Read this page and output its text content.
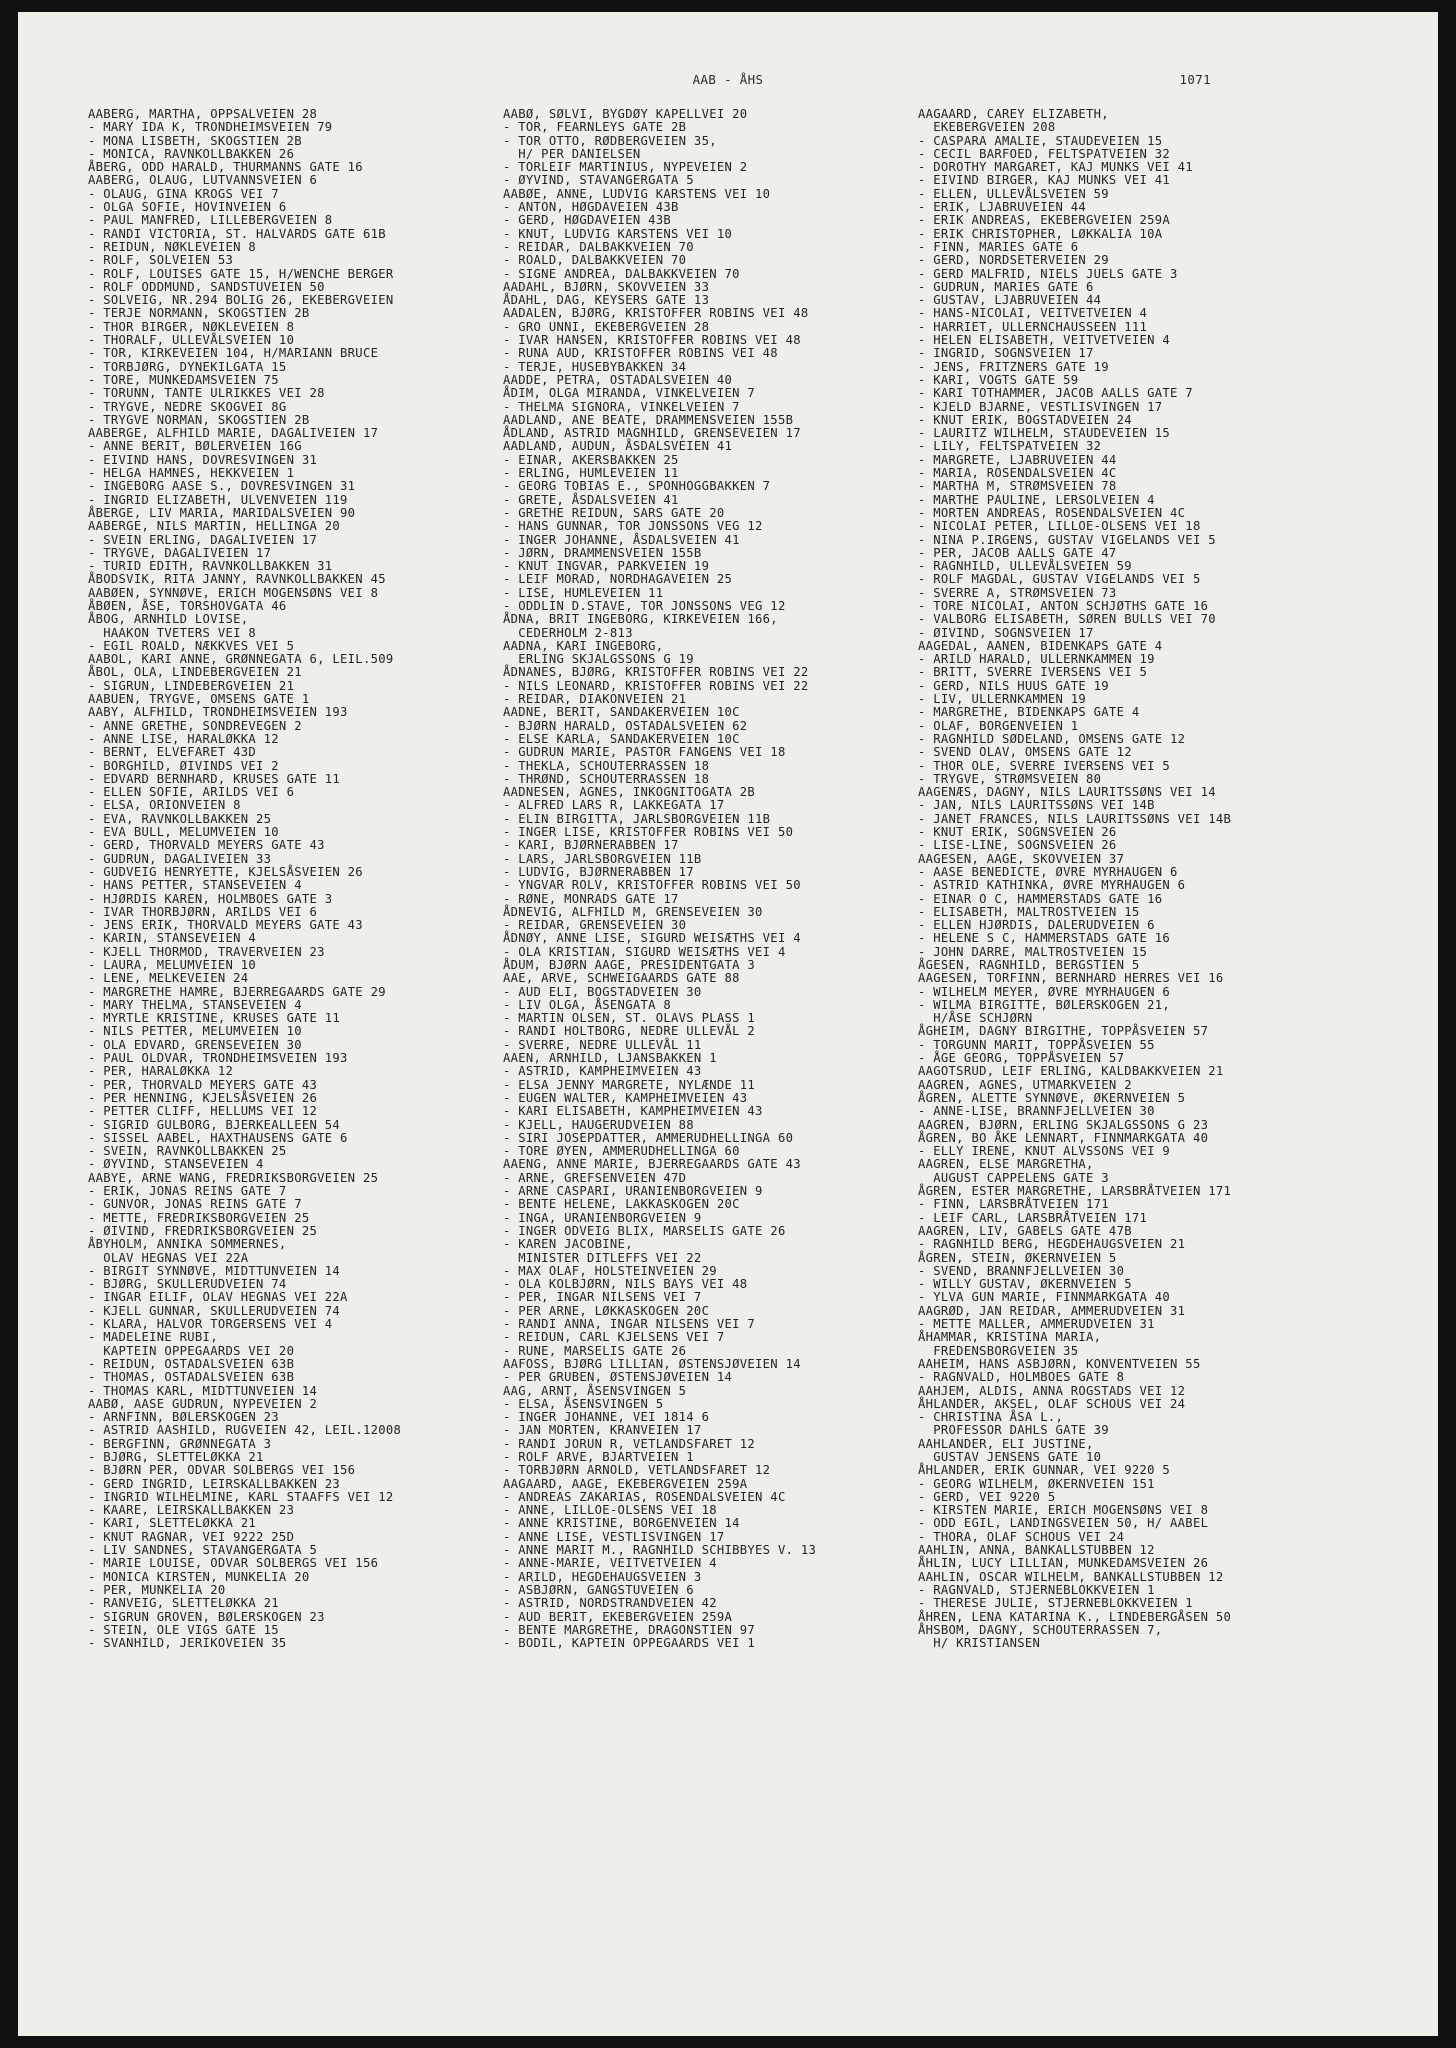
AAB - ÅHS	1071
AABERG, MARTHA, OPPSALVEIEN 28
- MARY IDA K, TRONDHEIMSVEIEN 79
- MONA LISBETH, SKOGSTIEN 2B
- MONICA, RAVNKOLLBAKKEN 26
ÅBERG, ODD HARALD, THURMANNS GATE 16
AABERG, OLAUG, LUTVANNSVEIEN 6
- OLAUG, GINA KROGS VEI 7
- OLGA SOFIE, HOVINVEIEN 6
- PAUL MANFRED, LILLEBERGVEIEN 8
- RANDI VICTORIA, ST. HALVARDS GATE 61B
- REIDUN, NØKLEVEIEN 8
- ROLF, SOLVEIEN 53
- ROLF, LOUISES GATE 15, H/WENCHE BERGER
- ROLF ODDMUND, SANDSTUVEIEN 50
- SOLVEIG, NR.294 BOLIG 26, EKEBERGVEIEN
- TERJE NORMANN, SKOGSTIEN 2B
- THOR BIRGER, NØKLEVEIEN 8
- THORALF, ULLEVÅLSVEIEN 10
- TOR, KIRKEVEIEN 104, H/MARIANN BRUCE
- TORBJØRG, DYNEKILGATA 15
- TORE, MUNKEDAMSVEIEN 75
- TORUNN, TANTE ULRIKKES VEI 28
- TRYGVE, NEDRE SKOGVEI 8G
- TRYGVE NORMAN, SKOGSTIEN 2B
AABERGE, ALFHILD MARIE, DAGALIVEIEN 17
- ANNE BERIT, BØLERVEIEN 16G
- EIVIND HANS, DOVRESVINGEN 31
- HELGA HAMNES, HEKKVEIEN 1
- INGEBORG AASE S., DOVRESVINGEN 31
- INGRID ELIZABETH, ULVENVEIEN 119
ÅBERGE, LIV MARIA, MARIDALSVEIEN 90
AABERGE, NILS MARTIN, HELLINGA 20
- SVEIN ERLING, DAGALIVEIEN 17
- TRYGVE, DAGALIVEIEN 17
- TURID EDITH, RAVNKOLLBAKKEN 31
ÅBODSVIK, RITA JANNY, RAVNKOLLBAKKEN 45
AABØEN, SYNNØVE, ERICH MOGENSØNS VEI 8
ÅBØEN, ÅSE, TORSHOVGATA 46
ÅBOG, ARNHILD LOVISE,
HAAKON TVETERS VEI 8
- EGIL ROALD, NÆKKVES VEI 5
AABOL, KARI ANNE, GRØNNEGATA 6, LEIL.509
ÅBOL, OLA, LINDEBERGVEIEN 21
- SIGRUN, LINDEBERGVEIEN 21
AABUEN, TRYGVE, OMSENS GATE 1
AABY, ALFHILD, TRONDHEIMSVEIEN 193
- ANNE GRETHE, SONDREVEGEN 2
- ANNE LISE, HARALØKKA 12
- BERNT, ELVEFARET 43D
- BORGHILD, ØIVINDS VEI 2
- EDVARD BERNHARD, KRUSES GATE 11
- ELLEN SOFIE, ARILDS VEI 6
- ELSA, ORIONVEIEN 8
- EVA, RAVNKOLLBAKKEN 25
- EVA BULL, MELUMVEIEN 10
- GERD, THORVALD MEYERS GATE 43
- GUDRUN, DAGALIVEIEN 33
- GUDVEIG HENRYETTE, KJELSÅSVEIEN 26
- HANS PETTER, STANSEVEIEN 4
- HJØRDIS KAREN, HOLMBOES GATE 3
- IVAR THORBJØRN, ARILDS VEI 6
- JENS ERIK, THORVALD MEYERS GATE 43
- KARIN, STANSEVEIEN 4
- KJELL THORMOD, TRAVERVEIEN 23
- LAURA, MELUMVEIEN 10
- LENE, MELKEVEIEN 24
- MARGRETHE HAMRE, BJERREGAARDS GATE 29
- MARY THELMA, STANSEVEIEN 4
- MYRTLE KRISTINE, KRUSES GATE 11
- NILS PETTER, MELUMVEIEN 10
- OLA EDVARD, GRENSEVEIEN 30
- PAUL OLDVAR, TRONDHEIMSVEIEN 193
- PER, HARALØKKA 12
- PER, THORVALD MEYERS GATE 43
- PER HENNING, KJELSÅSVEIEN 26
- PETTER CLIFF, HELLUMS VEI 12
- SIGRID GULBORG, BJERKEALLEEN 54
- SISSEL AABEL, HAXTHAUSENS GATE 6
- SVEIN, RAVNKOLLBAKKEN 25
- ØYVIND, STANSEVEIEN 4
AABYE, ARNE WANG, FREDRIKSBORGVEIEN 25
- ERIK, JONAS REINS GATE 7
- GUNVOR, JONAS REINS GATE 7
- METTE, FREDRIKSBORGVEIEN 25
- ØIVIND, FREDRIKSBORGVEIEN 25
ÅBYHOLM, ANNIKA SOMMERNES,
OLAV HEGNAS VEI 22A
- BIRGIT SYNNØVE, MIDTTUNVEIEN 14
- BJØRG, SKULLERUDVEIEN 74
- INGAR EILIF, OLAV HEGNAS VEI 22A
- KJELL GUNNAR, SKULLERUDVEIEN 74
- KLARA, HALVOR TORGERSENS VEI 4
- MADELEINE RUBI,
KAPTEIN OPPEGAARDS VEI 20
- REIDUN, OSTADALSVEIEN 63B
- THOMAS, OSTADALSVEIEN 63B
- THOMAS KARL, MIDTTUNVEIEN 14
AABØ, AASE GUDRUN, NYPEVEIEN 2
- ARNFINN, BØLERSKOGEN 23
- ASTRID AASHILD, RUGVEIEN 42, LEIL.12008
- BERGFINN, GRØNNEGATA 3
- BJØRG, SLETTELØKKA 21
- BJØRN PER, ODVAR SOLBERGS VEI 156
- GERD INGRID, LEIRSKALLBAKKEN 23
- INGRID WILHELMINE, KARL STAAFFS VEI 12
- KAARE, LEIRSKALLBAKKEN 23
- KARI, SLETTELØKKA 21
- KNUT RAGNAR, VEI 9222 25D
- LIV SANDNES, STAVANGERGATA 5
- MARIE LOUISE, ODVAR SOLBERGS VEI 156
- MONICA KIRSTEN, MUNKELIA 20
- PER, MUNKELIA 20
- RANVEIG, SLETTELØKKA 21
- SIGRUN GROVEN, BØLERSKOGEN 23
- STEIN, OLE VIGS GATE 15
- SVANHILD, JERIKOVEIEN 35
AABØ, SØLVI, BYGDØY KAPELLVEI 20
- TOR, FEARNLEYS GATE 2B
- TOR OTTO, RØDBERGVEIEN 35,
H/ PER DANIELSEN
- TORLEIF MARTINIUS, NYPEVEIEN 2
- ØYVIND, STAVANGERGATA 5
AABØE, ANNE, LUDVIG KARSTENS VEI 10
- ANTON, HØGDAVEIEN 43B
- GERD, HØGDAVEIEN 43B
- KNUT, LUDVIG KARSTENS VEI 10
- REIDAR, DALBAKKVEIEN 70
- ROALD, DALBAKKVEIEN 70
- SIGNE ANDREA, DALBAKKVEIEN 70
AADAHL, BJØRN, SKOVVEIEN 33
ÅDAHL, DAG, KEYSERS GATE 13
AADALEN, BJØRG, KRISTOFFER ROBINS VEI 48
- GRO UNNI, EKEBERGVEIEN 28
- IVAR HANSEN, KRISTOFFER ROBINS VEI 48
- RUNA AUD, KRISTOFFER ROBINS VEI 48
- TERJE, HUSEBYBAKKEN 34
AADDE, PETRA, OSTADALSVEIEN 40
ÅDIM, OLGA MIRANDA, VINKELVEIEN 7
- THELMA SIGNORA, VINKELVEIEN 7
AADLAND, ANE BEATE, DRAMMENSVEIEN 155B
ÅDLAND, ASTRID MAGNHILD, GRENSEVEIEN 17
AADLAND, AUDUN, ÅSDALSVEIEN 41
- EINAR, AKERSBAKKEN 25
- ERLING, HUMLEVEIEN 11
- GEORG TOBIAS E., SPONHOGGBAKKEN 7
- GRETE, ÅSDALSVEIEN 41
- GRETHE REIDUN, SARS GATE 20
- HANS GUNNAR, TOR JONSSONS VEG 12
- INGER JOHANNE, ÅSDALSVEIEN 41
- JØRN, DRAMMENSVEIEN 155B
- KNUT INGVAR, PARKVEIEN 19
- LEIF MORAD, NORDHAGAVEIEN 25
- LISE, HUMLEVEIEN 11
- ODDLIN D.STAVE, TOR JONSSONS VEG 12
ÅDNA, BRIT INGEBORG, KIRKEVEIEN 166,
CEDERHOLM 2-813
AADNA, KARI INGEBORG,
ERLING SKJALGSSONS G 19
ÅDNANES, BJØRG, KRISTOFFER ROBINS VEI 22
- NILS LEONARD, KRISTOFFER ROBINS VEI 22
- REIDAR, DIAKONVEIEN 21
AADNE, BERIT, SANDAKERVEIEN 10C
- BJØRN HARALD, OSTADALSVEIEN 62
- ELSE KARLA, SANDAKERVEIEN 10C
- GUDRUN MARIE, PASTOR FANGENS VEI 18
- THEKLA, SCHOUTERRASSEN 18
- THRØND, SCHOUTERRASSEN 18
AADNESEN, AGNES, INKOGNITOGATA 2B
- ALFRED LARS R, LAKKEGATA 17
- ELIN BIRGITTA, JARLSBORGVEIEN 11B
- INGER LISE, KRISTOFFER ROBINS VEI 50
- KARI, BJØRNERABBEN 17
- LARS, JARLSBORGVEIEN 11B
- LUDVIG, BJØRNERABBEN 17
- YNGVAR ROLV, KRISTOFFER ROBINS VEI 50
- RØNE, MONRADS GATE 17
ÅDNEVIG, ALFHILD M, GRENSEVEIEN 30
- REIDAR, GRENSEVEIEN 30
ÅDNØY, ANNE LISE, SIGURD WEISÆTHS VEI 4
- OLA KRISTIAN, SIGURD WEISÆTHS VEI 4
ÅDUM, BJØRN AAGE, PRESIDENTGATA 3
AAE, ARVE, SCHWEIGAARDS GATE 88
- AUD ELI, BOGSTADVEIEN 30
- LIV OLGA, ÅSENGATA 8
- MARTIN OLSEN, ST. OLAVS PLASS 1
- RANDI HOLTBORG, NEDRE ULLEVÅL 2
- SVERRE, NEDRE ULLEVÅL 11
AAEN, ARNHILD, LJANSBAKKEN 1
- ASTRID, KAMPHEIMVEIEN 43
- ELSA JENNY MARGRETE, NYLÆNDE 11
- EUGEN WALTER, KAMPHEIMVEIEN 43
- KARI ELISABETH, KAMPHEIMVEIEN 43
- KJELL, HAUGERUDVEIEN 88
- SIRI JOSEPDATTER, AMMERUDHELLINGA 60
- TORE ØYEN, AMMERUDHELLINGA 60
AAENG, ANNE MARIE, BJERREGAARDS GATE 43
- ARNE, GREFSENVEIEN 47D
- ARNE CASPARI, URANIENBORGVEIEN 9
- BENTE HELENE, LAKKASKOGEN 20C
- INGA, URANIENBORGVEIEN 9
- INGER ODVEIG BLIX, MARSELIS GATE 26
- KAREN JACOBINE,
MINISTER DITLEFFS VEI 22
- MAX OLAF, HOLSTEINVEIEN 29
- OLA KOLBJØRN, NILS BAYS VEI 48
- PER, INGAR NILSENS VEI 7
- PER ARNE, LØKKASKOGEN 20C
- RANDI ANNA, INGAR NILSENS VEI 7
- REIDUN, CARL KJELSENS VEI 7
- RUNE, MARSELIS GATE 26
AAFOSS, BJØRG LILLIAN, ØSTENSJØVEIEN 14
- PER GRUBEN, ØSTENSJØVEIEN 14
AAG, ARNT, ÅSENSVINGEN 5
- ELSA, ÅSENSVINGEN 5
- INGER JOHANNE, VEI 1814 6
- JAN MORTEN, KRANVEIEN 17
- RANDI JORUN R, VETLANDSFARET 12
- ROLF ARVE, BJARTVEIEN 1
- TORBJØRN ARNOLD, VETLANDSFARET 12
AAGAARD, AAGE, EKEBERGVEIEN 259A
- ANDREAS ZAKARIAS, ROSENDALSVEIEN 4C
- ANNE, LILLOE-OLSENS VEI 18
- ANNE KRISTINE, BORGENVEIEN 14
- ANNE LISE, VESTLISVINGEN 17
- ANNE MARIT M., RAGNHILD SCHIBBYES V. 13
- ANNE-MARIE, VEITVETVEIEN 4
- ARILD, HEGDEHAUGSVEIEN 3
- ASBJØRN, GANGSTUVEIEN 6
- ASTRID, NORDSTRANDVEIEN 42
- AUD BERIT, EKEBERGVEIEN 259A
- BENTE MARGRETHE, DRAGONSTIEN 97
- BODIL, KAPTEIN OPPEGAARDS VEI 1
AAGAARD, CAREY ELIZABETH,
EKEBERGVEIEN 208
- CASPARA AMALIE, STAUDEVEIEN 15
- CECIL BARFOED, FELTSPATVEIEN 32
- DOROTHY MARGARET, KAJ MUNKS VEI 41
- EIVIND BIRGER, KAJ MUNKS VEI 41
- ELLEN, ULLEVÅLSVEIEN 59
- ERIK, LJABRUVEIEN 44
- ERIK ANDREAS, EKEBERGVEIEN 259A
- ERIK CHRISTOPHER, LØKKALIA 10A
- FINN, MARIES GATE 6
- GERD, NORDSETERVEIEN 29
- GERD MALFRID, NIELS JUELS GATE 3
- GUDRUN, MARIES GATE 6
- GUSTAV, LJABRUVEIEN 44
- HANS-NICOLAI, VEITVETVEIEN 4
- HARRIET, ULLERNCHAUSSEEN 111
- HELEN ELISABETH, VEITVETVEIEN 4
- INGRID, SOGNSVEIEN 17
- JENS, FRITZNERS GATE 19
- KARI, VOGTS GATE 59
- KARI TOTHAMMER, JACOB AALLS GATE 7
- KJELD BJARNE, VESTLISVINGEN 17
- KNUT ERIK, BOGSTADVEIEN 24
- LAURITZ WILHELM, STAUDEVEIEN 15
- LILY, FELTSPATVEIEN 32
- MARGRETE, LJABRUVEIEN 44
- MARIA, ROSENDALSVEIEN 4C
- MARTHA M, STRØMSVEIEN 78
- MARTHE PAULINE, LERSOLVEIEN 4
- MORTEN ANDREAS, ROSENDALSVEIEN 4C
- NICOLAI PETER, LILLOE-OLSENS VEI 18
- NINA P.IRGENS, GUSTAV VIGELANDS VEI 5
- PER, JACOB AALLS GATE 47
- RAGNHILD, ULLEVÅLSVEIEN 59
- ROLF MAGDAL, GUSTAV VIGELANDS VEI 5
- SVERRE A, STRØMSVEIEN 73
- TORE NICOLAI, ANTON SCHJØTHS GATE 16
- VALBORG ELISABETH, SØREN BULLS VEI 70
- ØIVIND, SOGNSVEIEN 17
AAGEDAL, AANEN, BIDENKAPS GATE 4
- ARILD HARALD, ULLERNKAMMEN 19
- BRITT, SVERRE IVERSENS VEI 5
- GERD, NILS HUUS GATE 19
- LIV, ULLERNKAMMEN 19
- MARGRETHE, BIDENKAPS GATE 4
- OLAF, BORGENVEIEN 1
- RAGNHILD SØDELAND, OMSENS GATE 12
- SVEND OLAV, OMSENS GATE 12
- THOR OLE, SVERRE IVERSENS VEI 5
- TRYGVE, STRØMSVEIEN 80
AAGENÆS, DAGNY, NILS LAURITSSØNS VEI 14
- JAN, NILS LAURITSSØNS VEI 14B
- JANET FRANCES, NILS LAURITSSØNS VEI 14B
- KNUT ERIK, SOGNSVEIEN 26
- LISE-LINE, SOGNSVEIEN 26
AAGESEN, AAGE, SKOVVEIEN 37
- AASE BENEDICTE, ØVRE MYRHAUGEN 6
- ASTRID KATHINKA, ØVRE MYRHAUGEN 6
- EINAR O C, HAMMERSTADS GATE 16
- ELISABETH, MALTROSTVEIEN 15
- ELLEN HJØRDIS, DALERUDVEIEN 6
- HELENE S C, HAMMERSTADS GATE 16
- JOHN DARRE, MALTROSTVEIEN 15
ÅGESEN, RAGNHILD, BERGSTIEN 5
AAGESEN, TORFINN, BERNHARD HERRES VEI 16
- WILHELM MEYER, ØVRE MYRHAUGEN 6
- WILMA BIRGITTE, BØLERSKOGEN 21,
H/ÅSE SCHJØRN
ÅGHEIM, DAGNY BIRGITHE, TOPPÅSVEIEN 57
- TORGUNN MARIT, TOPPÅSVEIEN 55
- ÅGE GEORG, TOPPÅSVEIEN 57
AAGOTSRUD, LEIF ERLING, KALDBAKKVEIEN 21
AAGREN, AGNES, UTMARKVEIEN 2
ÅGREN, ALETTE SYNNØVE, ØKERNVEIEN 5
- ANNE-LISE, BRANNFJELLVEIEN 30
AAGREN, BJØRN, ERLING SKJALGSSONS G 23
ÅGREN, BO ÅKE LENNART, FINNMARKGATA 40
- ELLY IRENE, KNUT ALVSSONS VEI 9
AAGREN, ELSE MARGRETHA,
AUGUST CAPPELENS GATE 3
ÅGREN, ESTER MARGRETHE, LARSBRÅTVEIEN 171
- FINN, LARSBRÅTVEIEN 171
- LEIF CARL, LARSBRÅTVEIEN 171
AAGREN, LIV, GABELS GATE 47B
- RAGNHILD BERG, HEGDEHAUGSVEIEN 21
ÅGREN, STEIN, ØKERNVEIEN 5
- SVEND, BRANNFJELLVEIEN 30
- WILLY GUSTAV, ØKERNVEIEN 5
- YLVA GUN MARIE, FINNMARKGATA 40
AAGRØD, JAN REIDAR, AMMERUDVEIEN 31
- METTE MALLER, AMMERUDVEIEN 31
ÅHAMMAR, KRISTINA MARIA,
FREDENSBORGVEIEN 35
AAHEIM, HANS ASBJØRN, KONVENTVEIEN 55
- RAGNVALD, HOLMBOES GATE 8
AAHJEM, ALDIS, ANNA ROGSTADS VEI 12
ÅHLANDER, AKSEL, OLAF SCHOUS VEI 24
- CHRISTINA ÅSA L.,
PROFESSOR DAHLS GATE 39
AAHLANDER, ELI JUSTINE,
GUSTAV JENSENS GATE 10
ÅHLANDER, ERIK GUNNAR, VEI 9220 5
- GEORG WILHELM, ØKERNVEIEN 151
- GERD, VEI 9220 5
- KIRSTEN MARIE, ERICH MOGENSØNS VEI 8
- ODD EGIL, LANDINGSVEIEN 50, H/ AABEL
- THORA, OLAF SCHOUS VEI 24
AAHLIN, ANNA, BANKALLSTUBBEN 12
ÅHLIN, LUCY LILLIAN, MUNKEDAMSVEIEN 26
AAHLIN, OSCAR WILHELM, BANKALLSTUBBEN 12
- RAGNVALD, STJERNEBLOKKVEIEN 1
- THERESE JULIE, STJERNEBLOKKVEIEN 1
ÅHREN, LENA KATARINA K., LINDEBERGÅSEN 50
ÅHSBOM, DAGNY, SCHOUTERRASSEN 7,
H/ KRISTIANSEN
